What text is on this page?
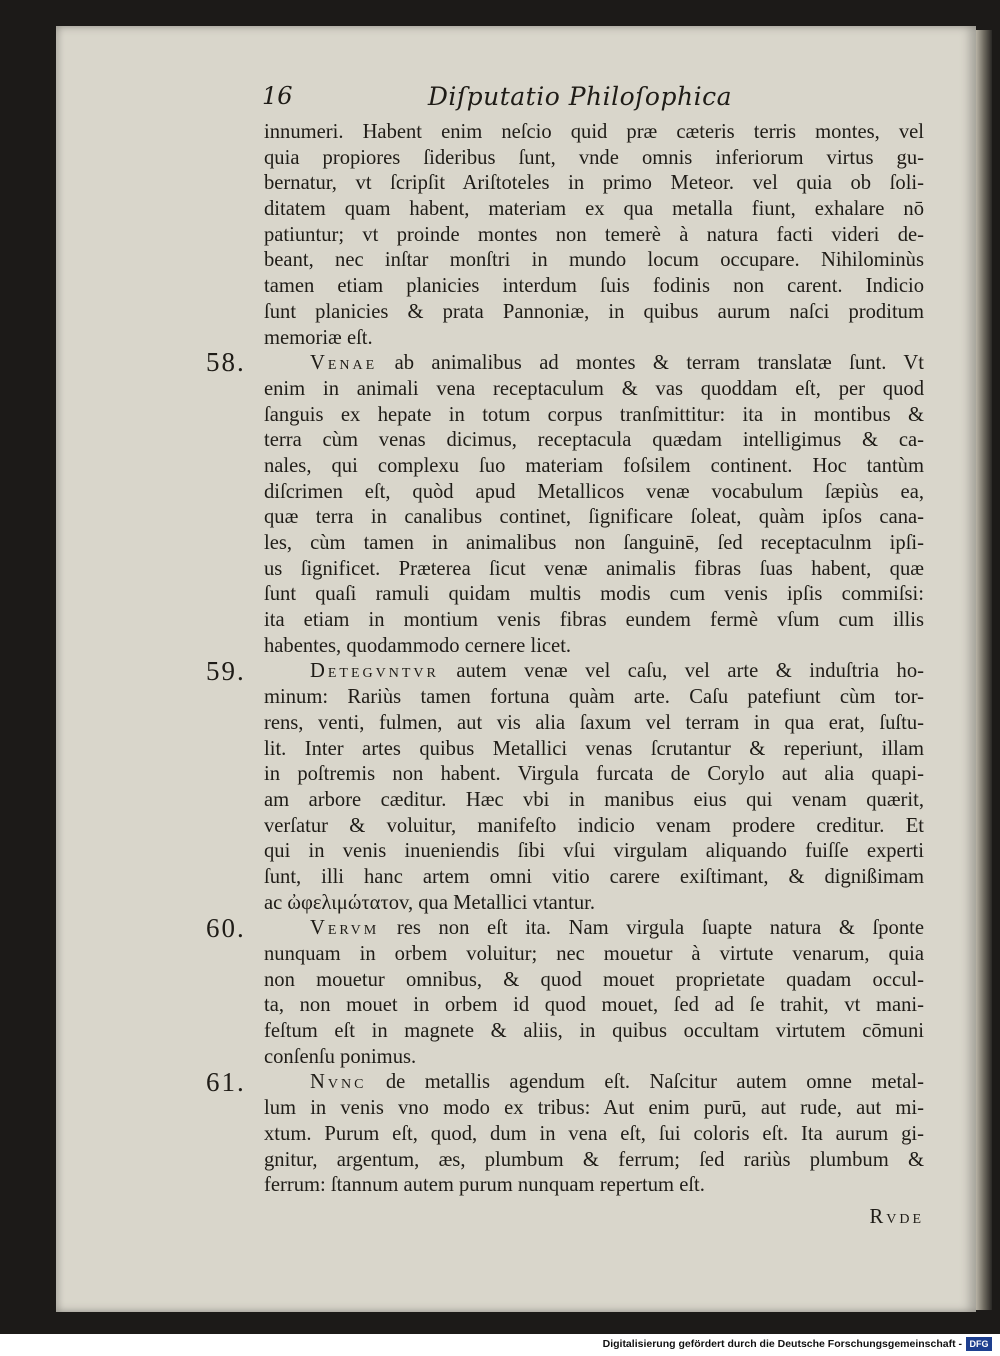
16	Diſputatio Philoſophica
innumeri. Habent enim neſcio quid præ cæteris terris montes, vel
quia propiores ſideribus ſunt, vnde omnis inferiorum virtus gu-
bernatur, vt ſcripſit Ariſtoteles in primo Meteor. vel quia ob ſoli-
ditatem quam habent, materiam ex qua metalla fiunt, exhalare nō
patiuntur; vt proinde montes non temerè à natura facti videri de-
beant, nec inſtar monſtri in mundo locum occupare. Nihilominùs
tamen etiam planicies interdum ſuis fodinis non carent. Indicio
ſunt planicies & prata Pannoniæ, in quibus aurum naſci proditum
memoriæ eſt.
Venae ab animalibus ad montes & terram translatæ ſunt. Vt
enim in animali vena receptaculum & vas quoddam eſt, per quod
ſanguis ex hepate in totum corpus tranſmittitur: ita in montibus &
terra cùm venas dicimus, receptacula quædam intelligimus & ca-
nales, qui complexu ſuo materiam foſsilem continent. Hoc tantùm
diſcrimen eſt, quòd apud Metallicos venæ vocabulum ſæpiùs ea,
quæ terra in canalibus continet, ſignificare ſoleat, quàm ipſos cana-
les, cùm tamen in animalibus non ſanguinē, ſed receptaculnm ipſi-
us ſignificet. Præterea ſicut venæ animalis fibras ſuas habent, quæ
ſunt quaſi ramuli quidam multis modis cum venis ipſis commiſsi:
ita etiam in montium venis fibras eundem fermè vſum cum illis
habentes, quodammodo cernere licet.
Detegvntvr autem venæ vel caſu, vel arte & induſtria ho-
minum: Rariùs tamen fortuna quàm arte. Caſu patefiunt cùm tor-
rens, venti, fulmen, aut vis alia ſaxum vel terram in qua erat, ſuſtu-
lit. Inter artes quibus Metallici venas ſcrutantur & reperiunt, illam
in poſtremis non habent. Virgula furcata de Corylo aut alia quapi-
am arbore cæditur. Hæc vbi in manibus eius qui venam quærit,
verſatur & voluitur, manifeſto indicio venam prodere creditur. Et
qui in venis inueniendis ſibi vſui virgulam aliquando fuiſſe experti
ſunt, illi hanc artem omni vitio carere exiſtimant, & dignißimam
ac ὠφελιμώτατοv, qua Metallici vtantur.
Vervm res non eſt ita. Nam virgula ſuapte natura & ſponte
nunquam in orbem voluitur; nec mouetur à virtute venarum, quia
non mouetur omnibus, & quod mouet proprietate quadam occul-
ta, non mouet in orbem id quod mouet, ſed ad ſe trahit, vt mani-
feſtum eſt in magnete & aliis, in quibus occultam virtutem cōmuni
conſenſu ponimus.
Nvnc de metallis agendum eſt. Naſcitur autem omne metal-
lum in venis vno modo ex tribus: Aut enim purū, aut rude, aut mi-
xtum. Purum eſt, quod, dum in vena eſt, ſui coloris eſt. Ita aurum gi-
gnitur, argentum, æs, plumbum & ferrum; ſed rariùs plumbum &
ferrum: ſtannum autem purum nunquam repertum eſt.
Rvde
Digitalisierung gefördert durch die Deutsche Forschungsgemeinschaft - DFG
58.
59.
60.
61.
